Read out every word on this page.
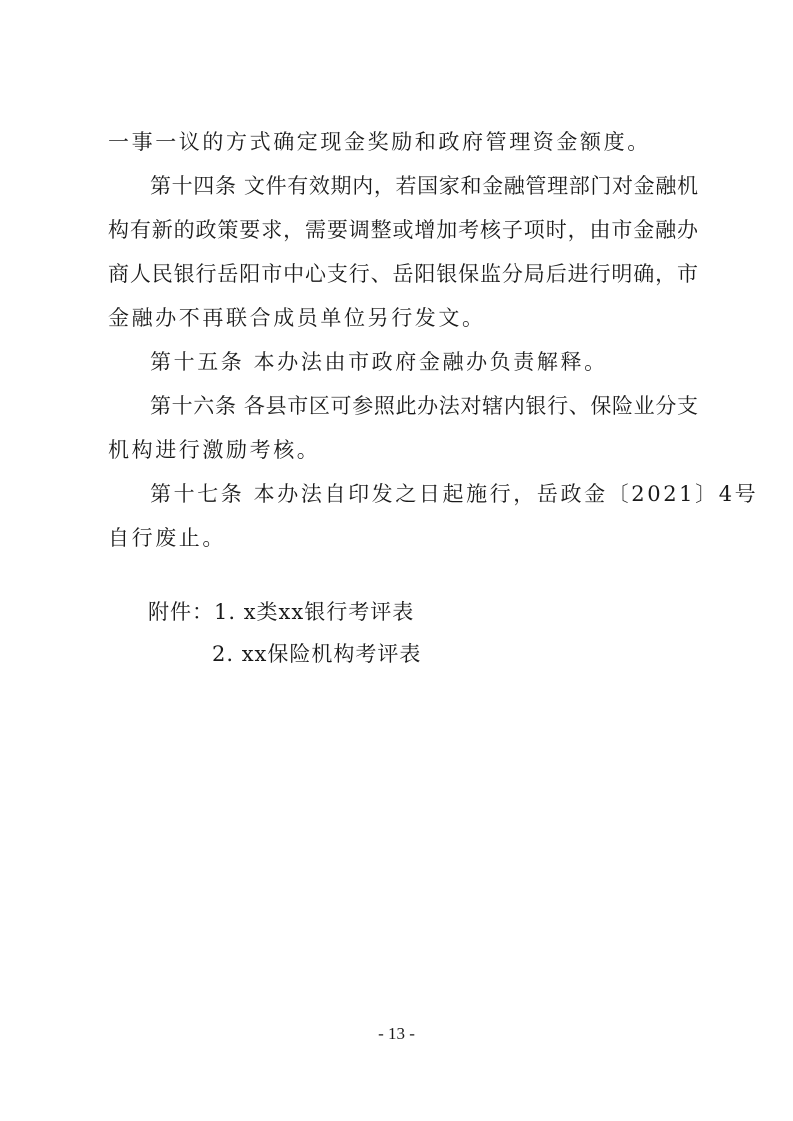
一事一议的方式确定现金奖励和政府管理资金额度。
第十四条 文件有效期内，若国家和金融管理部门对金融机
构有新的政策要求，需要调整或增加考核子项时，由市金融办
商人民银行岳阳市中心支行、岳阳银保监分局后进行明确，市
金融办不再联合成员单位另行发文。
第十五条 本办法由市政府金融办负责解释。
第十六条 各县市区可参照此办法对辖内银行、保险业分支
机构进行激励考核。
第十七条 本办法自印发之日起施行，岳政金〔2021〕4号
自行废止。
附件：1. x类xx银行考评表
2. xx保险机构考评表
- 13 -
